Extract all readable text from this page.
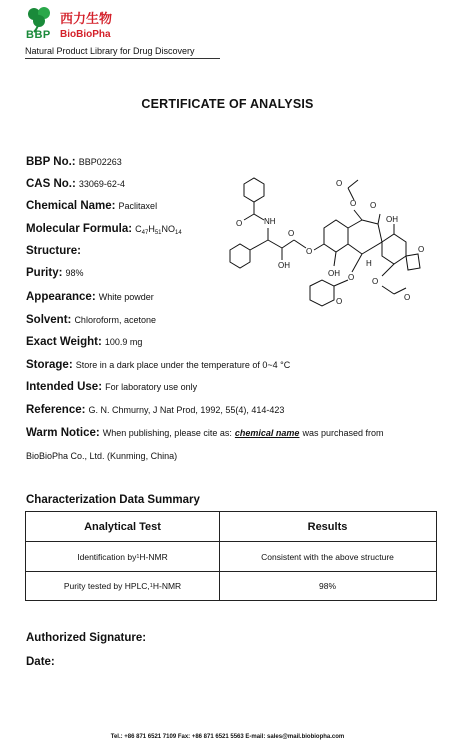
BBP
西力生物
BioBioPha
Natural Product Library for Drug Discovery
CERTIFICATE OF ANALYSIS
BBP No.: BBP02263
CAS No.: 33069-62-4
Chemical Name: Paclitaxel
Molecular Formula: $C_{47}H_{51}NO_{14}$
Structure:
Purity: 98%
Appearance: White powder
Solvent: Chloroform, acetone
Exact Weight: 100.9 mg
Storage: Store in a dark place under the temperature of 0~4 °C
Intended Use: For laboratory use only
Reference: G. N. Chmurny, J Nat Prod, 1992, 55(4), 414-423
Warm Notice: When publishing, please cite as: chemical name was purchased from
BioBioPha Co., Ltd. (Kunming, China)
O	NH
OH
O
O
OH
O
O
O
OH
O
H
O
O
O
O
Characterization Data Summary
Analytical Test	Results
Identification by 1 H-NMR	Consistent with the above structure
Purity tested by HPLC, 1 H-NMR	98%
Authorized Signature:
Date:
Tel.: +86 871 6521 7109 Fax: +86 871 6521 5563 E-mail: sales@mail.biobiopha.com
